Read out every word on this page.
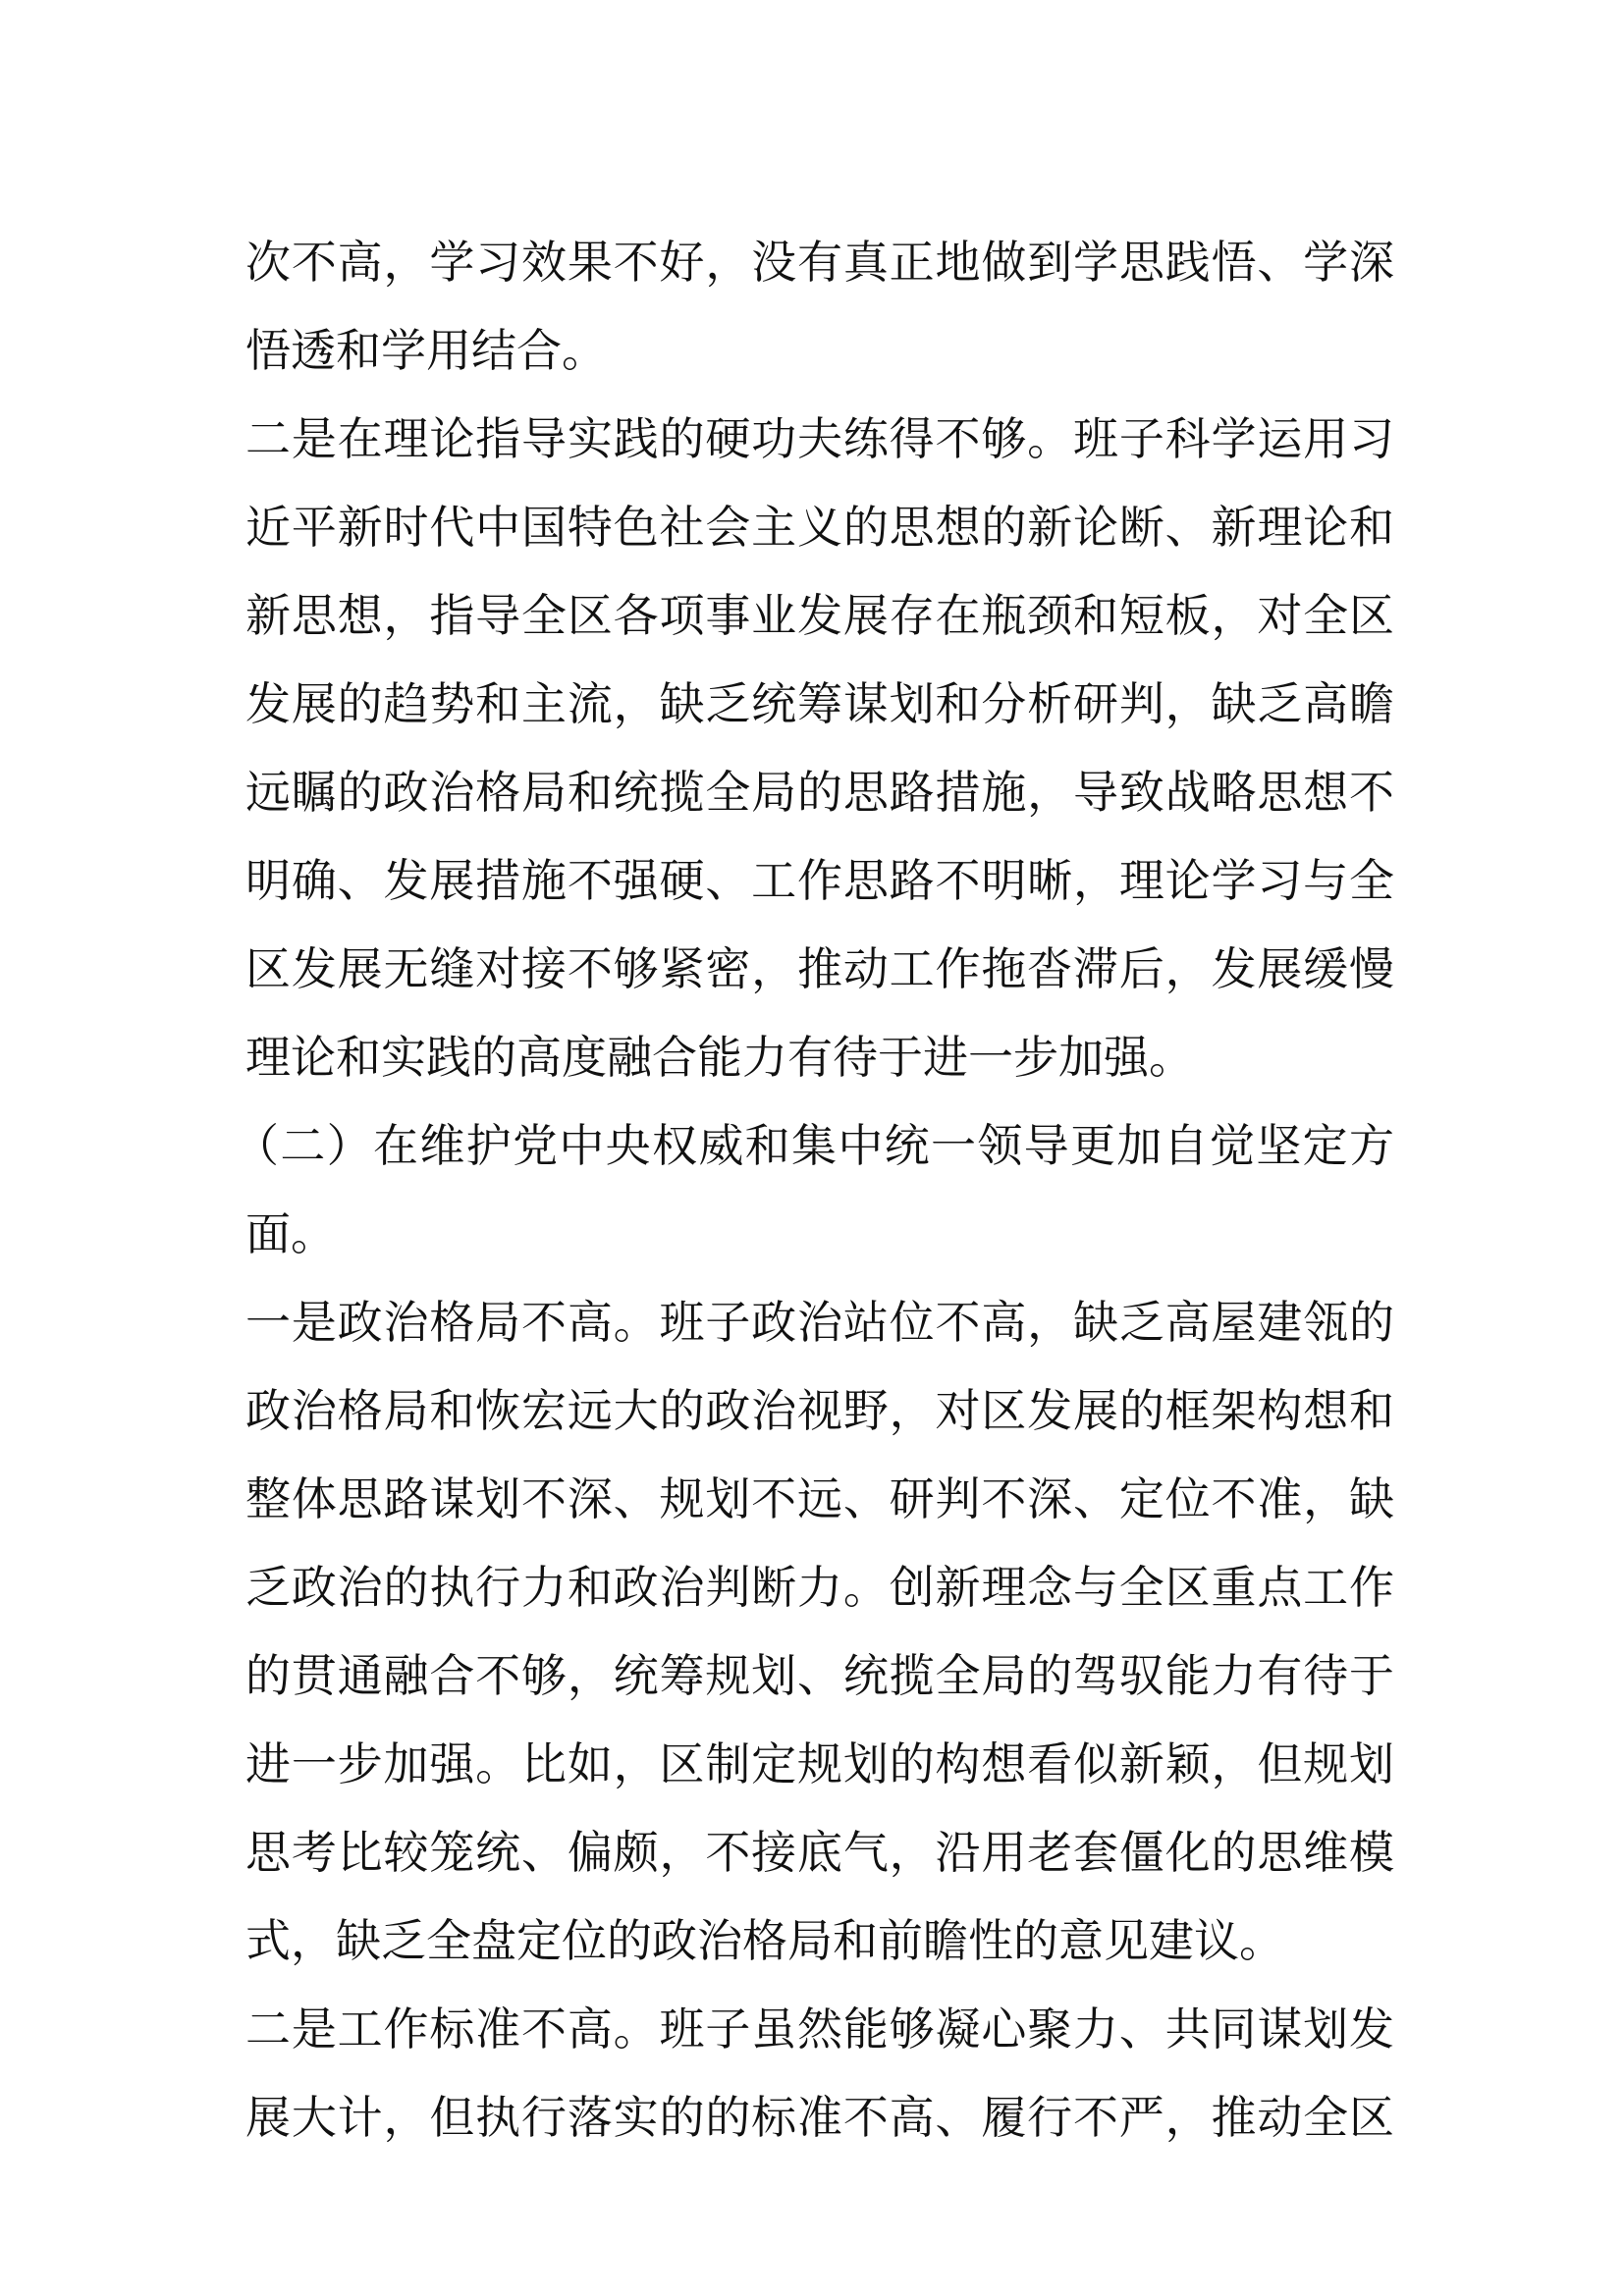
次不高，学习效果不好，没有真正地做到学思践悟、学深
悟透和学用结合。
二是在理论指导实践的硬功夫练得不够。班子科学运用习
近平新时代中国特色社会主义的思想的新论断、新理论和
新思想，指导全区各项事业发展存在瓶颈和短板，对全区
发展的趋势和主流，缺乏统筹谋划和分析研判，缺乏高瞻
远瞩的政治格局和统揽全局的思路措施，导致战略思想不
明确、发展措施不强硬、工作思路不明晰，理论学习与全
区发展无缝对接不够紧密，推动工作拖沓滞后，发展缓慢
理论和实践的高度融合能力有待于进一步加强。
（二）在维护党中央权威和集中统一领导更加自觉坚定方
面。
一是政治格局不高。班子政治站位不高，缺乏高屋建瓴的
政治格局和恢宏远大的政治视野，对区发展的框架构想和
整体思路谋划不深、规划不远、研判不深、定位不准，缺
乏政治的执行力和政治判断力。创新理念与全区重点工作
的贯通融合不够，统筹规划、统揽全局的驾驭能力有待于
进一步加强。比如，区制定规划的构想看似新颖，但规划
思考比较笼统、偏颇，不接底气，沿用老套僵化的思维模
式，缺乏全盘定位的政治格局和前瞻性的意见建议。
二是工作标准不高。班子虽然能够凝心聚力、共同谋划发
展大计，但执行落实的的标准不高、履行不严，推动全区
